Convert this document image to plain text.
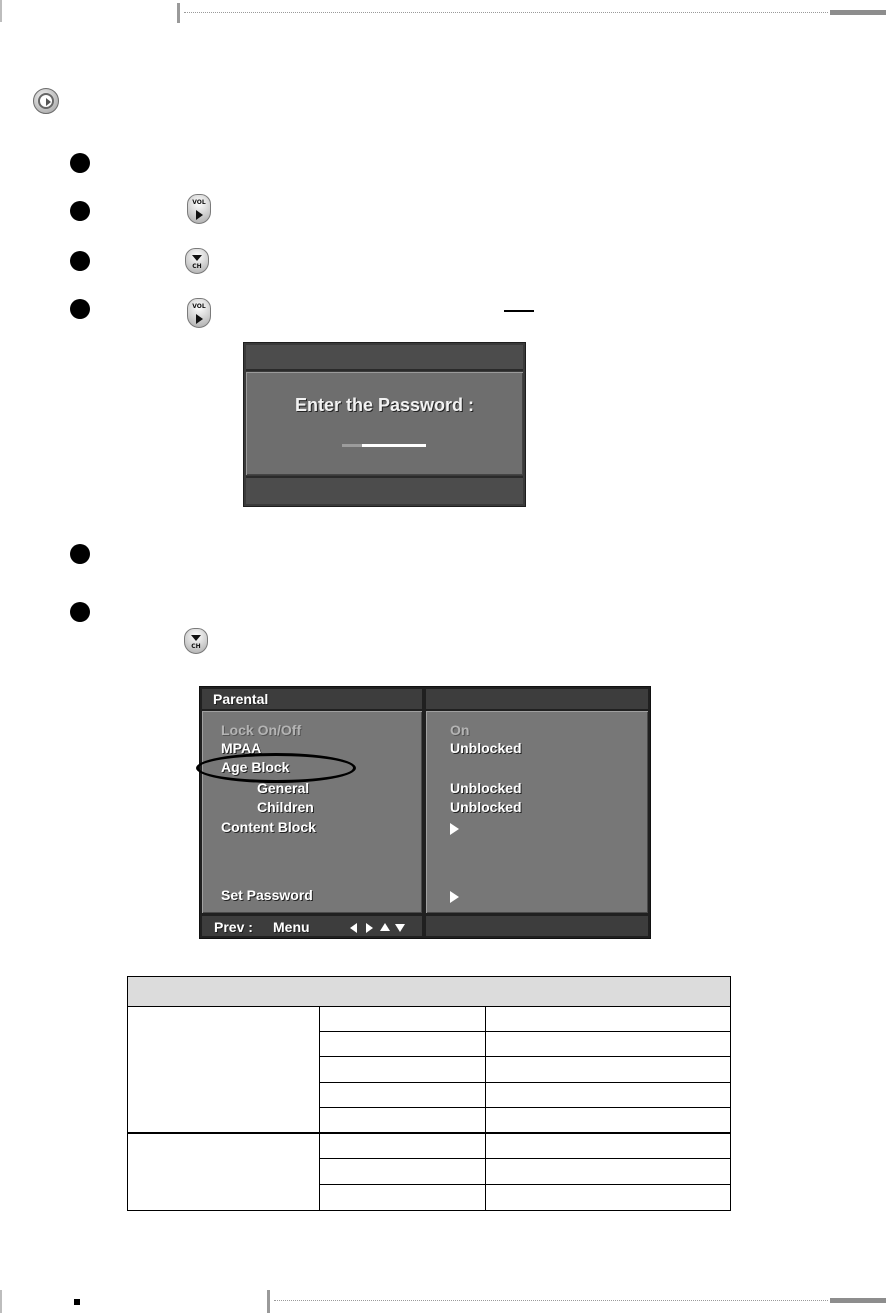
VOL
CH
VOL
CH
Enter the Password :
Parental
Lock On/Off
MPAA
Age Block
General
Children
Content Block
Set Password
On
Unblocked
Unblocked
Unblocked
Prev : Menu
